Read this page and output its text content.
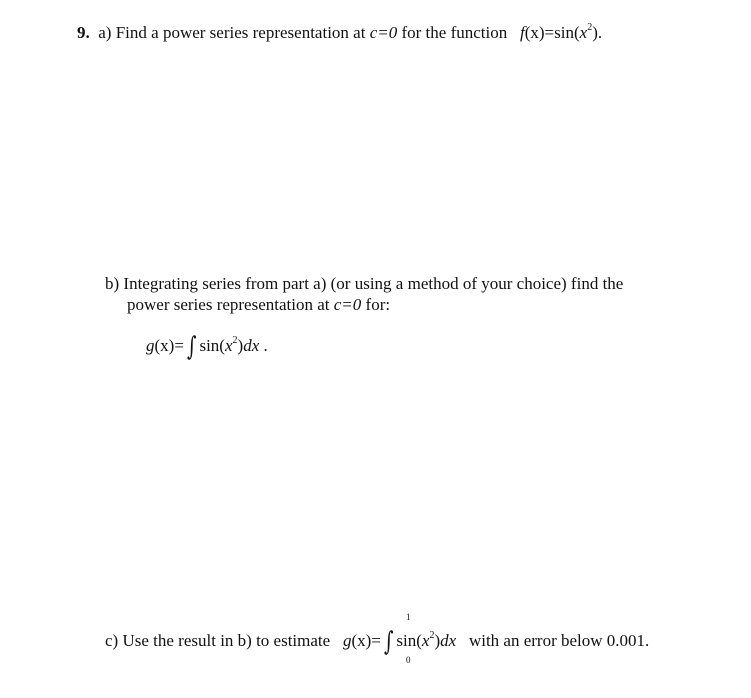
9. a) Find a power series representation at c=0 for the function $f(x)=\sin(x^2)$.
b) Integrating series from part a) (or using a method of your choice) find the
power series representation at c=0 for:
g(x)= ∫ $\sin(x^2)dx$ .
c) Use the result in b) to estimate g(x)= ∫ $\sin(x^2)dx$ with an error below 0.001.
1
0
